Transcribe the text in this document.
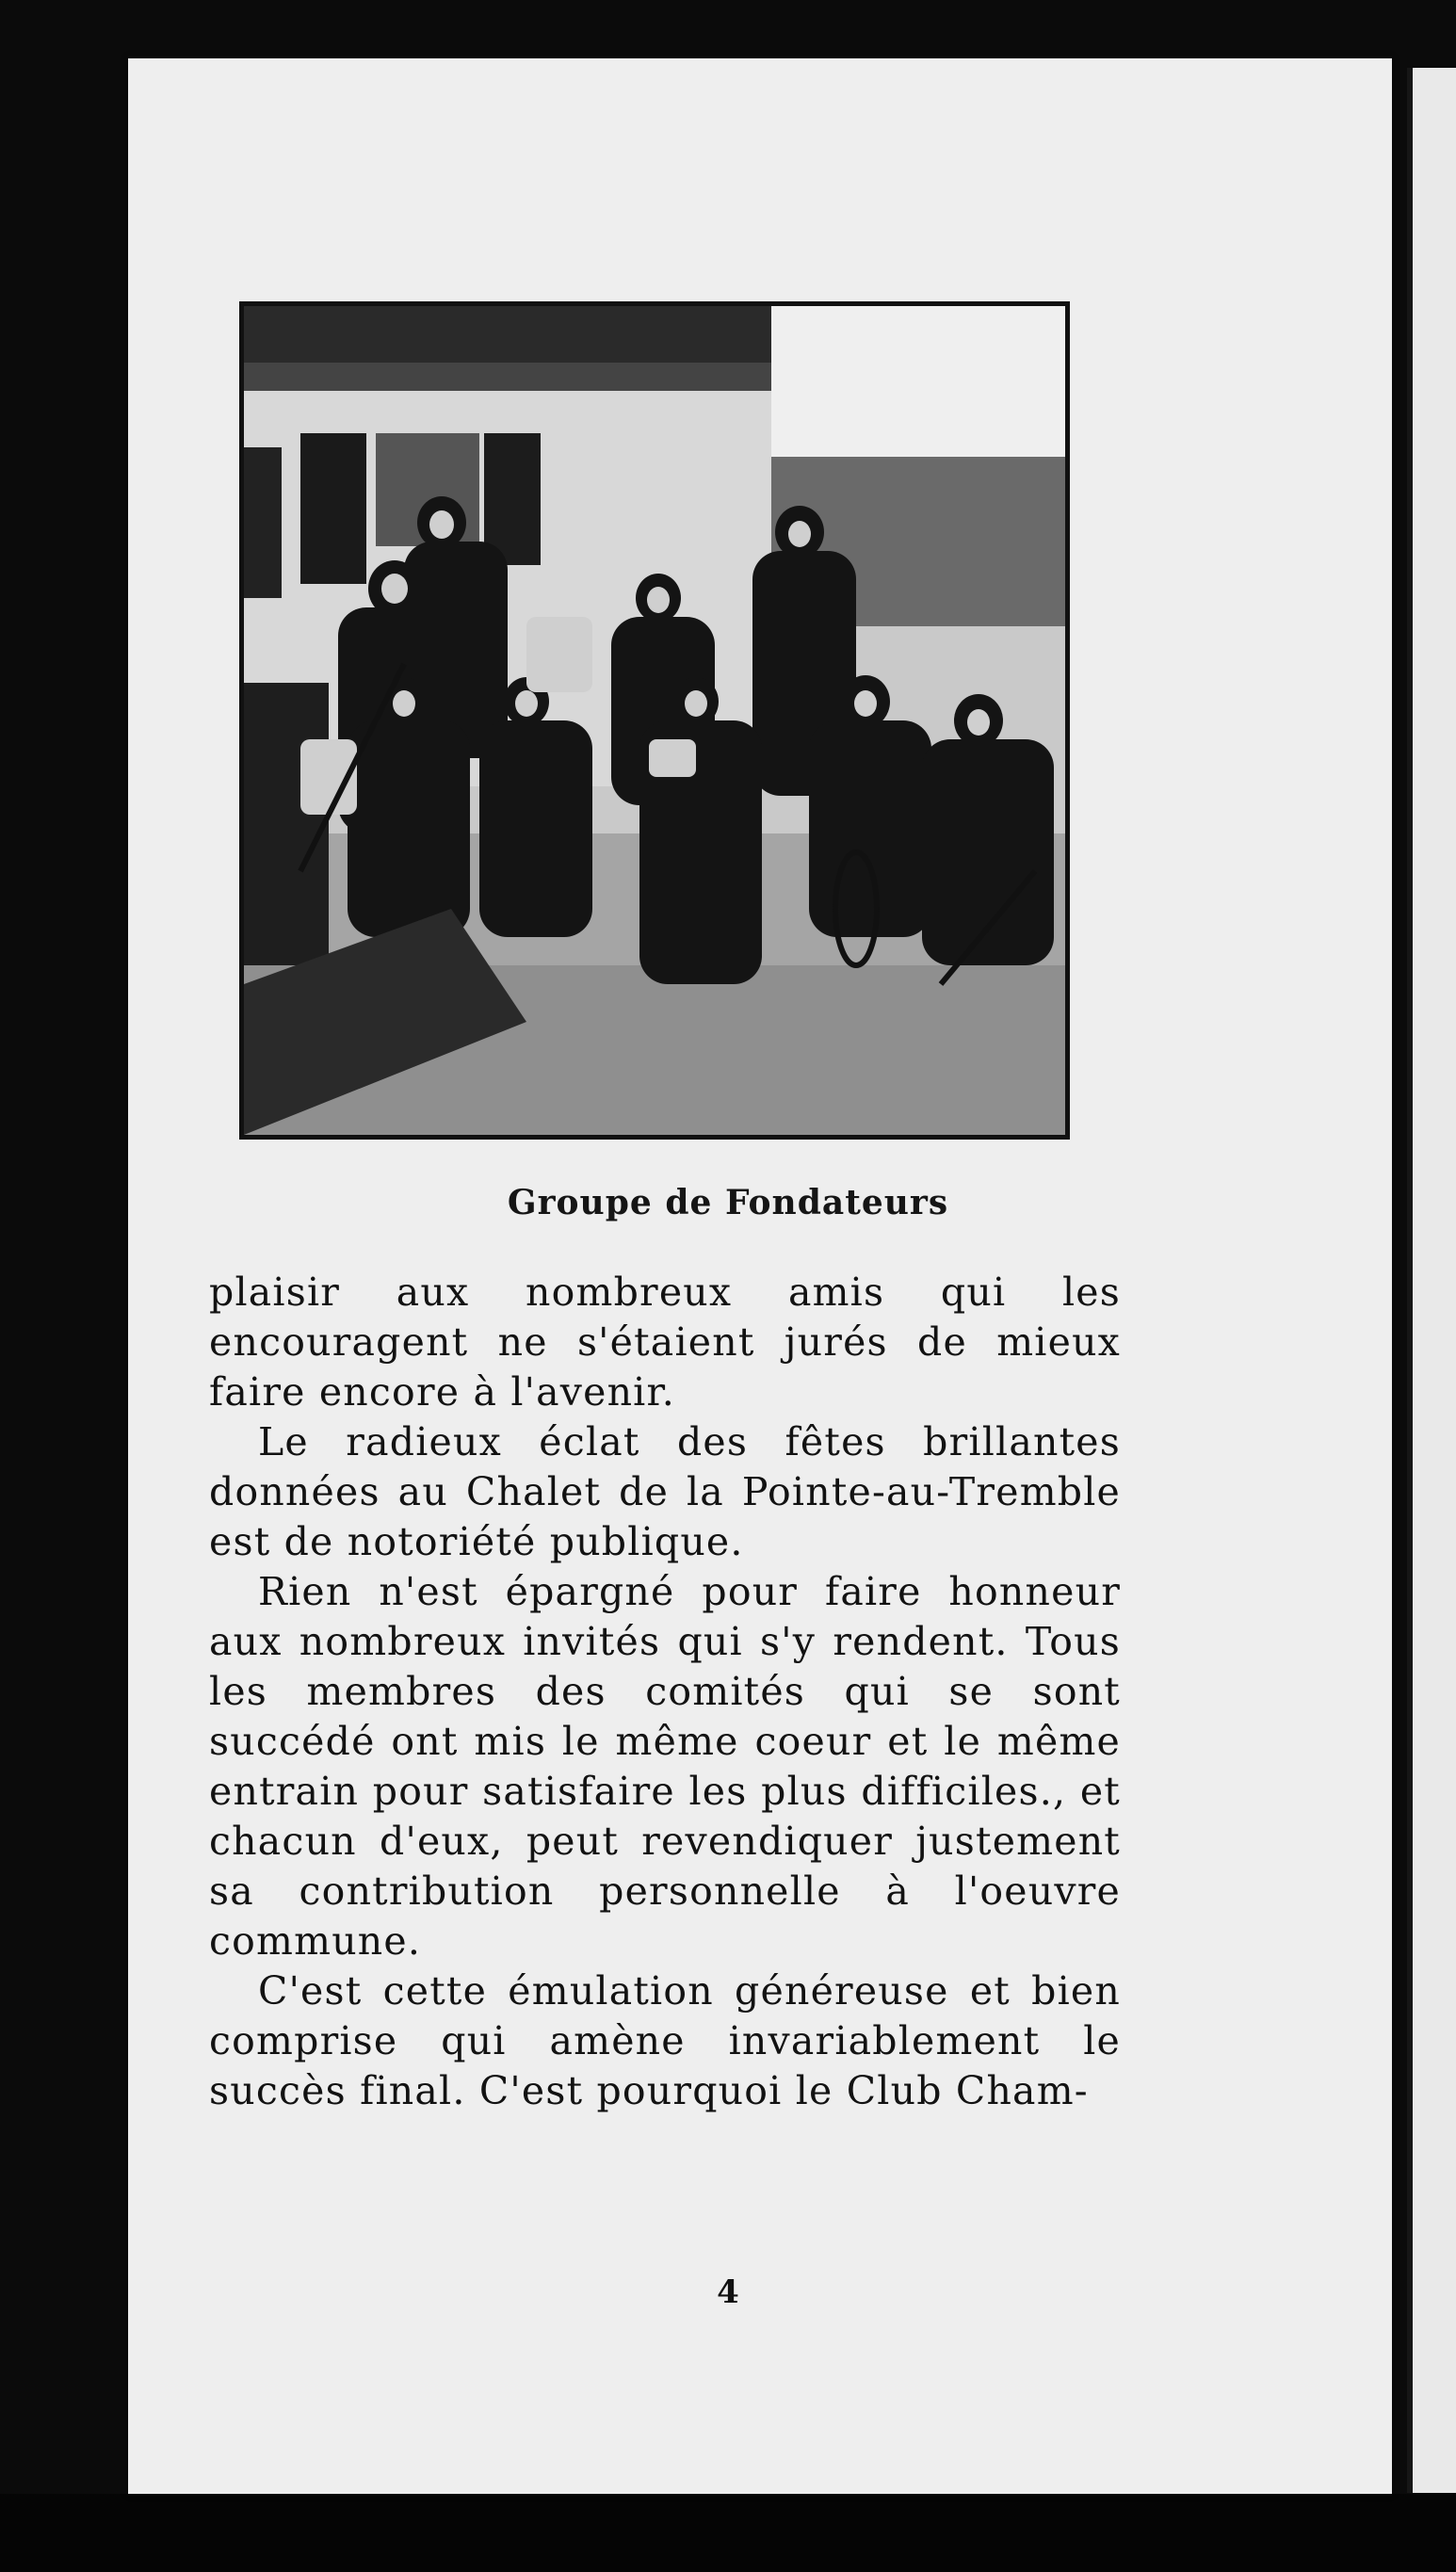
Groupe de Fondateurs

plaisir aux nombreux amis qui les encouragent ne s'étaient jurés de mieux faire encore à l'avenir.

Le radieux éclat des fêtes brillantes données au Chalet de la Pointe-au-Tremble est de notoriété publique.

Rien n'est épargné pour faire honneur aux nombreux invités qui s'y rendent. Tous les membres des comités qui se sont succédé ont mis le même coeur et le même entrain pour satisfaire les plus difficiles., et chacun d'eux, peut revendiquer justement sa contribution personnelle à l'oeuvre commune.

C'est cette émulation généreuse et bien comprise qui amène invariablement le succès final. C'est pourquoi le Club Cham-

4
